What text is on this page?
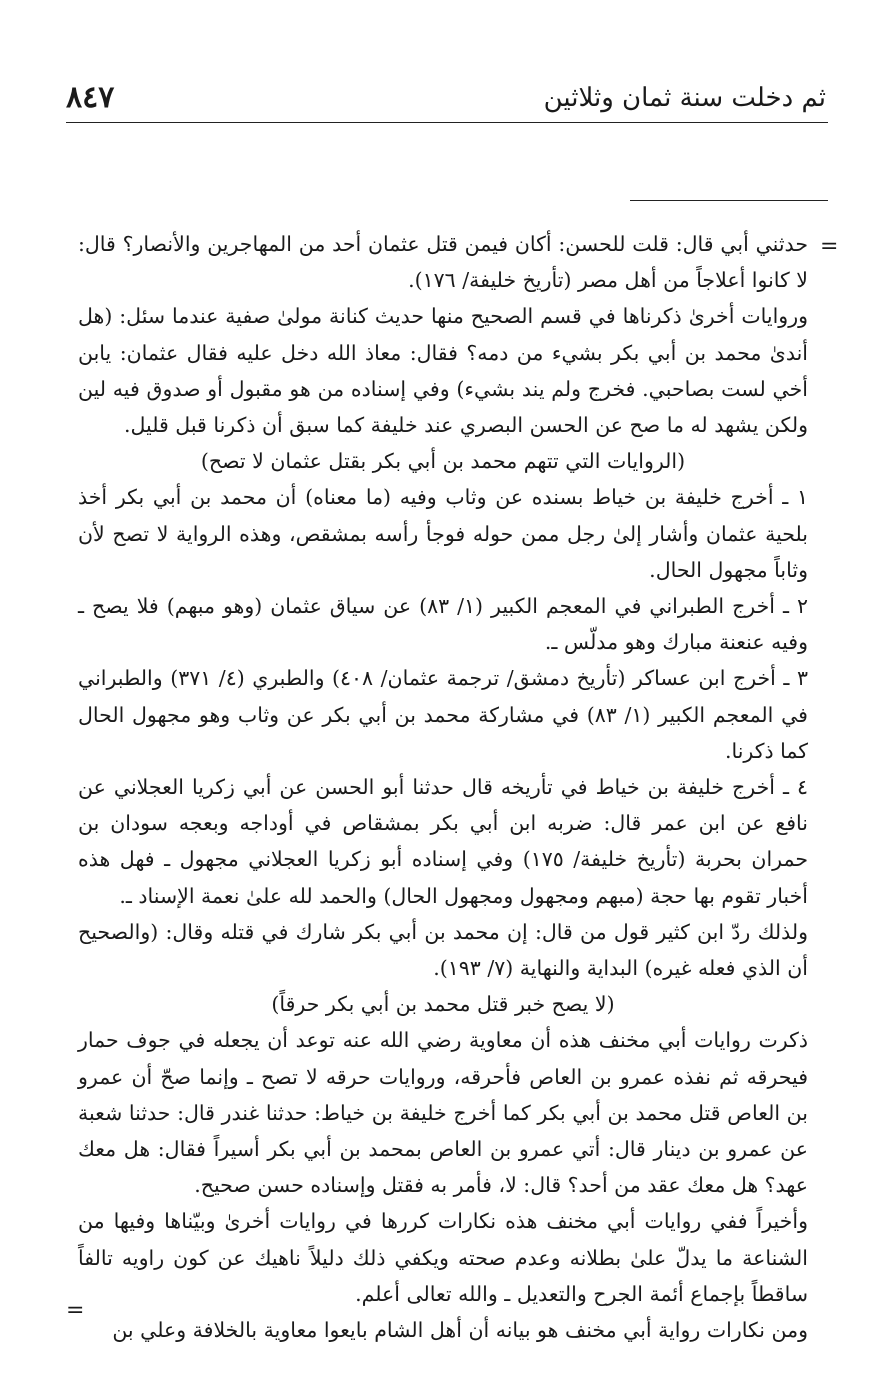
ثم دخلت سنة ثمان وثلاثين
٨٤٧
=

حدثني أبي قال: قلت للحسن: أكان فيمن قتل عثمان أحد من المهاجرين والأنصار؟ قال: لا كانوا أعلاجاً من أهل مصر (تأريخ خليفة/ ١٧٦).

وروايات أخرىٰ ذكرناها في قسم الصحيح منها حديث كنانة مولىٰ صفية عندما سئل: (هل أندىٰ محمد بن أبي بكر بشيء من دمه؟ فقال: معاذ الله دخل عليه فقال عثمان: يابن أخي لست بصاحبي. فخرج ولم يند بشيء) وفي إسناده من هو مقبول أو صدوق فيه لين ولكن يشهد له ما صح عن الحسن البصري عند خليفة كما سبق أن ذكرنا قبل قليل.

(الروايات التي تتهم محمد بن أبي بكر بقتل عثمان لا تصح)

١ ـ أخرج خليفة بن خياط بسنده عن وثاب وفيه (ما معناه) أن محمد بن أبي بكر أخذ بلحية عثمان وأشار إلىٰ رجل ممن حوله فوجأ رأسه بمشقص، وهذه الرواية لا تصح لأن وثاباً مجهول الحال.

٢ ـ أخرج الطبراني في المعجم الكبير (١/ ٨٣) عن سياق عثمان (وهو مبهم) فلا يصح ـ وفيه عنعنة مبارك وهو مدلّس ـ.

٣ ـ أخرج ابن عساكر (تأريخ دمشق/ ترجمة عثمان/ ٤٠٨) والطبري (٤/ ٣٧١) والطبراني في المعجم الكبير (١/ ٨٣) في مشاركة محمد بن أبي بكر عن وثاب وهو مجهول الحال كما ذكرنا.

٤ ـ أخرج خليفة بن خياط في تأريخه قال حدثنا أبو الحسن عن أبي زكريا العجلاني عن نافع عن ابن عمر قال: ضربه ابن أبي بكر بمشقاص في أوداجه وبعجه سودان بن حمران بحربة (تأريخ خليفة/ ١٧٥) وفي إسناده أبو زكريا العجلاني مجهول ـ فهل هذه أخبار تقوم بها حجة (مبهم ومجهول ومجهول الحال) والحمد لله علىٰ نعمة الإسناد ـ.

ولذلك ردّ ابن كثير قول من قال: إن محمد بن أبي بكر شارك في قتله وقال: (والصحيح أن الذي فعله غيره) البداية والنهاية (٧/ ١٩٣).

(لا يصح خبر قتل محمد بن أبي بكر حرقاً)

ذكرت روايات أبي مخنف هذه أن معاوية رضي الله عنه توعد أن يجعله في جوف حمار فيحرقه ثم نفذه عمرو بن العاص فأحرقه، وروايات حرقه لا تصح ـ وإنما صحّ أن عمرو بن العاص قتل محمد بن أبي بكر كما أخرج خليفة بن خياط: حدثنا غندر قال: حدثنا شعبة عن عمرو بن دينار قال: أتي عمرو بن العاص بمحمد بن أبي بكر أسيراً فقال: هل معك عهد؟ هل معك عقد من أحد؟ قال: لا، فأمر به فقتل وإسناده حسن صحيح.

وأخيراً ففي روايات أبي مخنف هذه نكارات كررها في روايات أخرىٰ وبيّناها وفيها من الشناعة ما يدلّ علىٰ بطلانه وعدم صحته ويكفي ذلك دليلاً ناهيك عن كون راويه تالفاً ساقطاً بإجماع أئمة الجرح والتعديل ـ والله تعالى أعلم.

ومن نكارات رواية أبي مخنف هو بيانه أن أهل الشام بايعوا معاوية بالخلافة وعلي بن

=
